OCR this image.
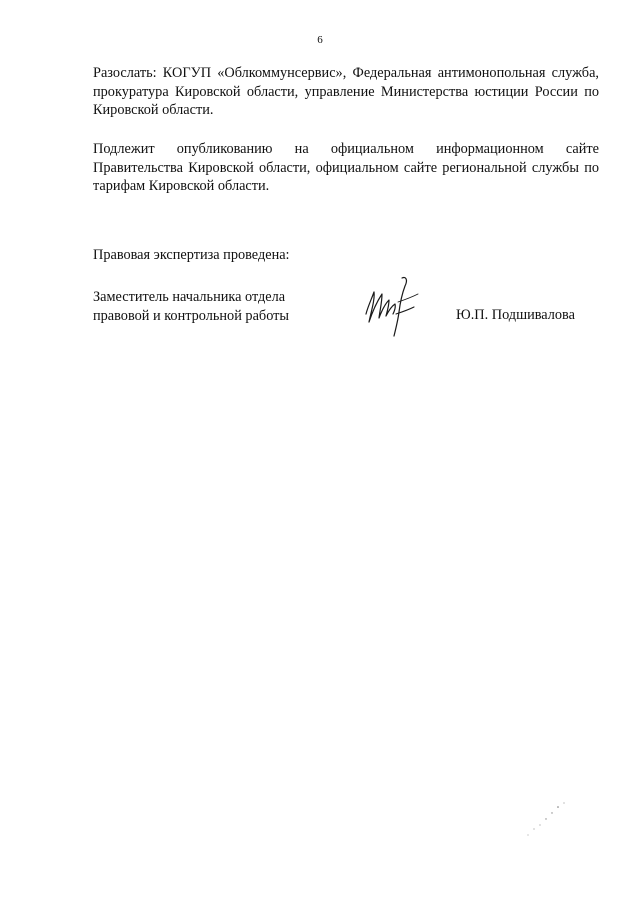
6
Разослать: КОГУП «Облкоммунсервис», Федеральная антимонопольная служба, прокуратура Кировской области, управление Министерства юстиции России по Кировской области.
Подлежит опубликованию на официальном информационном сайте Правительства Кировской области, официальном сайте региональной службы по тарифам Кировской области.
Правовая экспертиза проведена:
Заместитель начальника отдела
правовой и контрольной работы	Ю.П. Подшивалова
